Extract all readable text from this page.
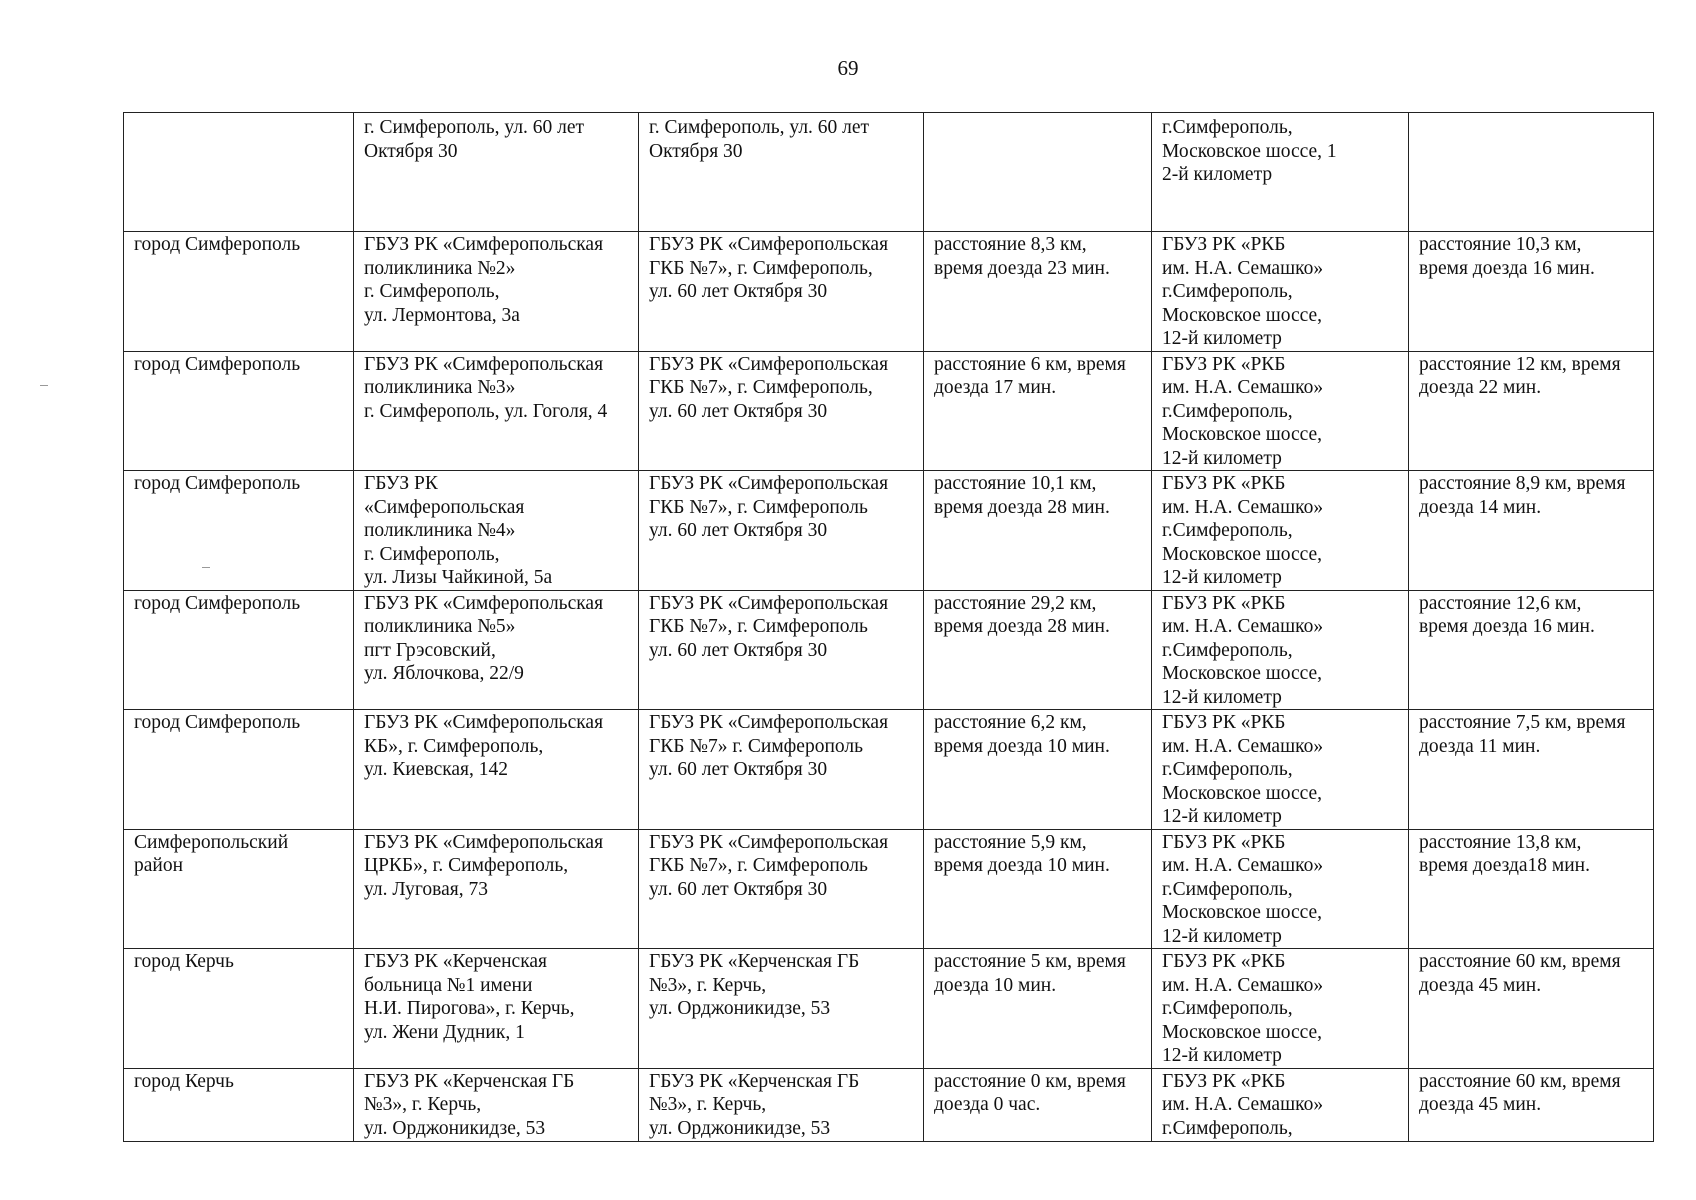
69
	г. Симферополь, ул. 60 лет
Октября 30	г. Симферополь, ул. 60 лет
Октября 30		г.Симферополь,
Московское шоссе, 1
2-й километр	
город Симферополь	ГБУЗ РК «Симферопольская
поликлиника №2»
г. Симферополь,
ул. Лермонтова, 3а	ГБУЗ РК «Симферопольская
ГКБ №7», г. Симферополь,
ул. 60 лет Октября 30	расстояние 8,3 км,
время доезда 23 мин.	ГБУЗ РК «РКБ
им. Н.А. Семашко»
г.Симферополь,
Московское шоссе,
12-й километр	расстояние 10,3 км,
время доезда 16 мин.
город Симферополь	ГБУЗ РК «Симферопольская
поликлиника №3»
г. Симферополь, ул. Гоголя, 4	ГБУЗ РК «Симферопольская
ГКБ №7», г. Симферополь,
ул. 60 лет Октября 30	расстояние 6 км, время
доезда 17 мин.	ГБУЗ РК «РКБ
им. Н.А. Семашко»
г.Симферополь,
Московское шоссе,
12-й километр	расстояние 12 км, время
доезда 22 мин.
город Симферополь	ГБУЗ РК
«Симферопольская
поликлиника №4»
г. Симферополь,
ул. Лизы Чайкиной, 5а	ГБУЗ РК «Симферопольская
ГКБ №7», г. Симферополь
ул. 60 лет Октября 30	расстояние 10,1 км,
время доезда 28 мин.	ГБУЗ РК «РКБ
им. Н.А. Семашко»
г.Симферополь,
Московское шоссе,
12-й километр	расстояние 8,9 км, время
доезда 14 мин.
город Симферополь	ГБУЗ РК «Симферопольская
поликлиника №5»
пгт Грэсовский,
ул. Яблочкова, 22/9	ГБУЗ РК «Симферопольская
ГКБ №7», г. Симферополь
ул. 60 лет Октября 30	расстояние 29,2 км,
время доезда 28 мин.	ГБУЗ РК «РКБ
им. Н.А. Семашко»
г.Симферополь,
Московское шоссе,
12-й километр	расстояние 12,6 км,
время доезда 16 мин.
город Симферополь	ГБУЗ РК «Симферопольская
КБ», г. Симферополь,
ул. Киевская, 142	ГБУЗ РК «Симферопольская
ГКБ №7» г. Симферополь
ул. 60 лет Октября 30	расстояние 6,2 км,
время доезда 10 мин.	ГБУЗ РК «РКБ
им. Н.А. Семашко»
г.Симферополь,
Московское шоссе,
12-й километр	расстояние 7,5 км, время
доезда 11 мин.
Симферопольский
район	ГБУЗ РК «Симферопольская
ЦРКБ», г. Симферополь,
ул. Луговая, 73	ГБУЗ РК «Симферопольская
ГКБ №7», г. Симферополь
ул. 60 лет Октября 30	расстояние 5,9 км,
время доезда 10 мин.	ГБУЗ РК «РКБ
им. Н.А. Семашко»
г.Симферополь,
Московское шоссе,
12-й километр	расстояние 13,8 км,
время доезда18 мин.
город Керчь	ГБУЗ РК «Керченская
больница №1 имени
Н.И. Пирогова», г. Керчь,
ул. Жени Дудник, 1	ГБУЗ РК «Керченская ГБ
№3», г. Керчь,
ул. Орджоникидзе, 53	расстояние 5 км, время
доезда 10 мин.	ГБУЗ РК «РКБ
им. Н.А. Семашко»
г.Симферополь,
Московское шоссе,
12-й километр	расстояние 60 км, время
доезда 45 мин.
город Керчь	ГБУЗ РК «Керченская ГБ
№3», г. Керчь,
ул. Орджоникидзе, 53	ГБУЗ РК «Керченская ГБ
№3», г. Керчь,
ул. Орджоникидзе, 53	расстояние 0 км, время
доезда 0 час.	ГБУЗ РК «РКБ
им. Н.А. Семашко»
г.Симферополь,	расстояние 60 км, время
доезда 45 мин.
